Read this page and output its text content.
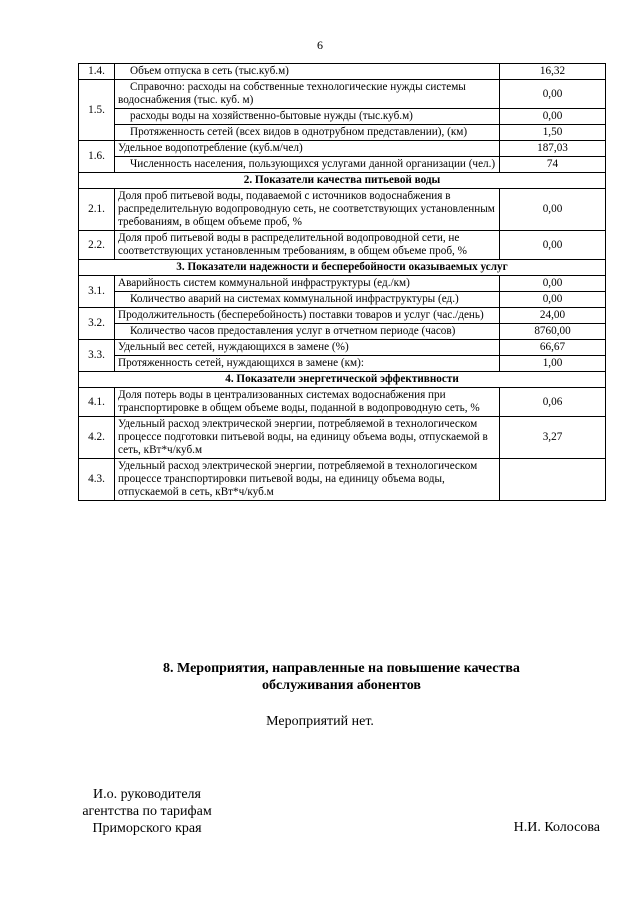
6
1.4.	Объем отпуска в сеть (тыс.куб.м)	16,32
1.5.	Справочно: расходы на собственные технологические нужды системы водоснабжения (тыс. куб. м)	0,00
	расходы воды на хозяйственно-бытовые нужды (тыс.куб.м)	0,00
	Протяженность сетей (всех видов в однотрубном представлении), (км)	1,50
1.6.	Удельное водопотребление (куб.м/чел)	187,03
	Численность населения, пользующихся услугами данной организации (чел.)	74
2. Показатели качества питьевой воды		
2.1.	Доля проб питьевой воды, подаваемой с источников водоснабжения в распределительную водопроводную сеть, не соответствующих установленным требованиям, в общем объеме проб, %	0,00
2.2.	Доля проб питьевой воды в распределительной водопроводной сети, не соответствующих установленным требованиям, в общем объеме проб, %	0,00
3. Показатели надежности и бесперебойности оказываемых услуг		
3.1.	Аварийность систем коммунальной инфраструктуры (ед./км)	0,00
	Количество аварий на системах коммунальной инфраструктуры (ед.)	0,00
3.2.	Продолжительность (бесперебойность) поставки товаров и услуг (час./день)	24,00
	Количество часов предоставления услуг в отчетном периоде (часов)	8760,00
3.3.	Удельный вес сетей, нуждающихся в замене (%)	66,67
	Протяженность сетей, нуждающихся в замене (км):	1,00
4. Показатели энергетической эффективности		
4.1.	Доля потерь воды в централизованных системах водоснабжения при транспортировке в общем объеме воды, поданной в водопроводную сеть, %	0,06
4.2.	Удельный расход электрической энергии, потребляемой в технологическом процессе подготовки питьевой воды, на единицу объема воды, отпускаемой в сеть, кВт*ч/куб.м	3,27
4.3.	Удельный расход электрической энергии, потребляемой в технологическом процессе транспортировки питьевой воды, на единицу объема воды, отпускаемой в сеть, кВт*ч/куб.м	
8. Мероприятия, направленные на повышение качества
обслуживания абонентов
Мероприятий нет.
И.о. руководителя
агентства по тарифам
Приморского края	Н.И. Колосова
